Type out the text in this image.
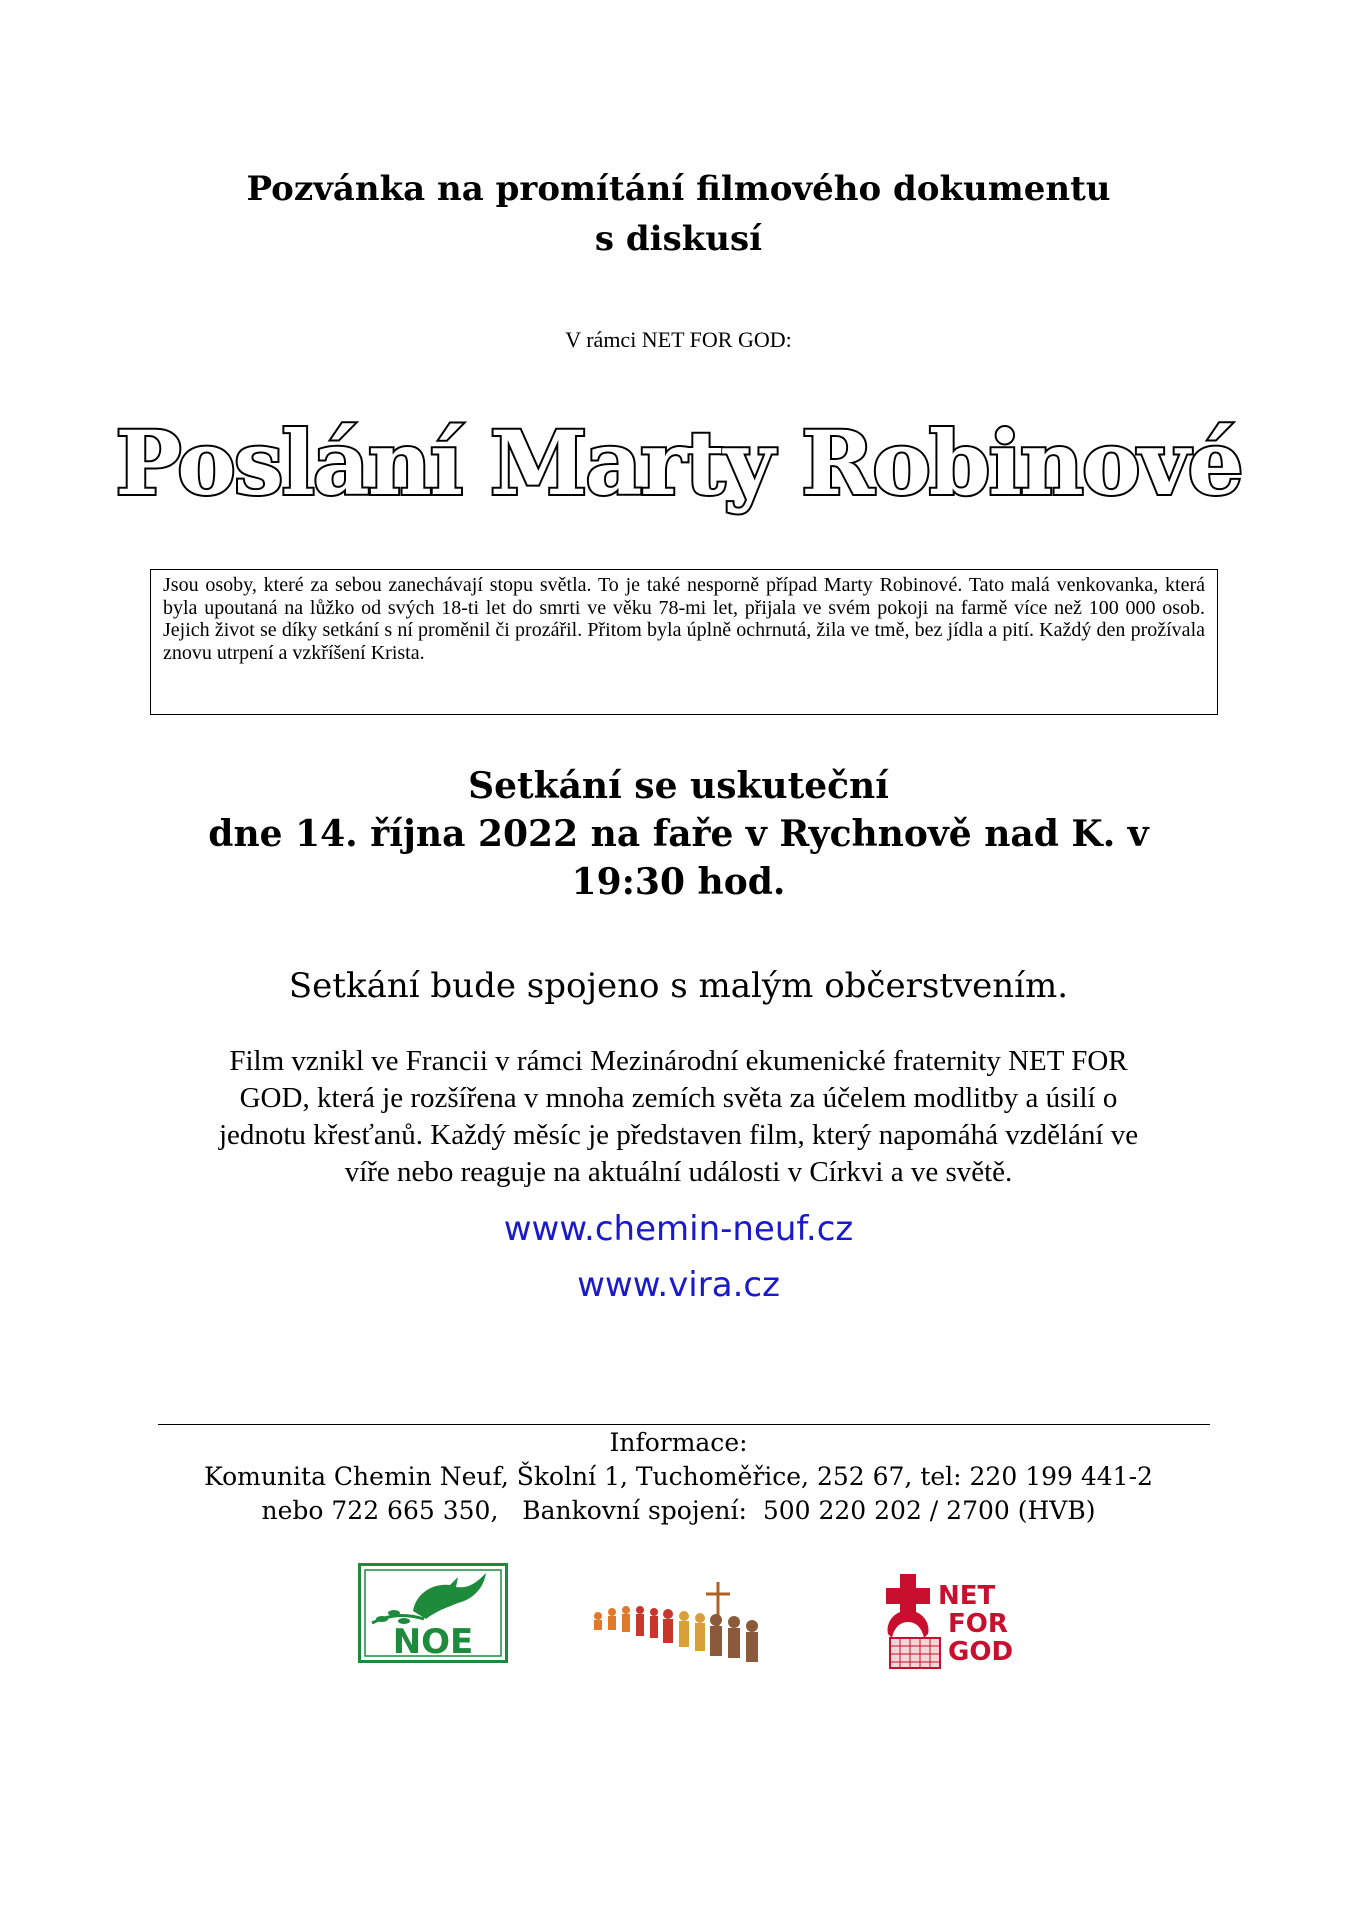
Pozvánka na promítání filmového dokumentu
s diskusí
V rámci NET FOR GOD:
Poslání Marty Robinové
Jsou osoby, které za sebou zanechávají stopu světla. To je také nesporně případ Marty Robinové. Tato malá venkovanka, která byla upoutaná na lůžko od svých 18-ti let do smrti ve věku 78-mi let, přijala ve svém pokoji na farmě více než 100 000 osob. Jejich život se díky setkání s ní proměnil či prozářil. Přitom byla úplně ochrnutá, žila ve tmě, bez jídla a pití. Každý den prožívala znovu utrpení a vzkříšení Krista.
Setkání se uskuteční
dne 14. října 2022 na faře v Rychnově nad K. v
19:30 hod.
Setkání bude spojeno s malým občerstvením.
Film vznikl ve Francii v rámci Mezinárodní ekumenické fraternity NET FOR
GOD, která je rozšířena v mnoha zemích světa za účelem modlitby a úsilí o
jednotu křesťanů. Každý měsíc je představen film, který napomáhá vzdělání ve
víře nebo reaguje na aktuální události v Církvi a ve světě.
www.chemin-neuf.cz
www.vira.cz
Informace:
Komunita Chemin Neuf, Školní 1, Tuchoměřice, 252 67, tel: 220 199 441-2
nebo 722 665 350,   Bankovní spojení:  500 220 202 / 2700 (HVB)
NOE
NET
FOR
GOD
